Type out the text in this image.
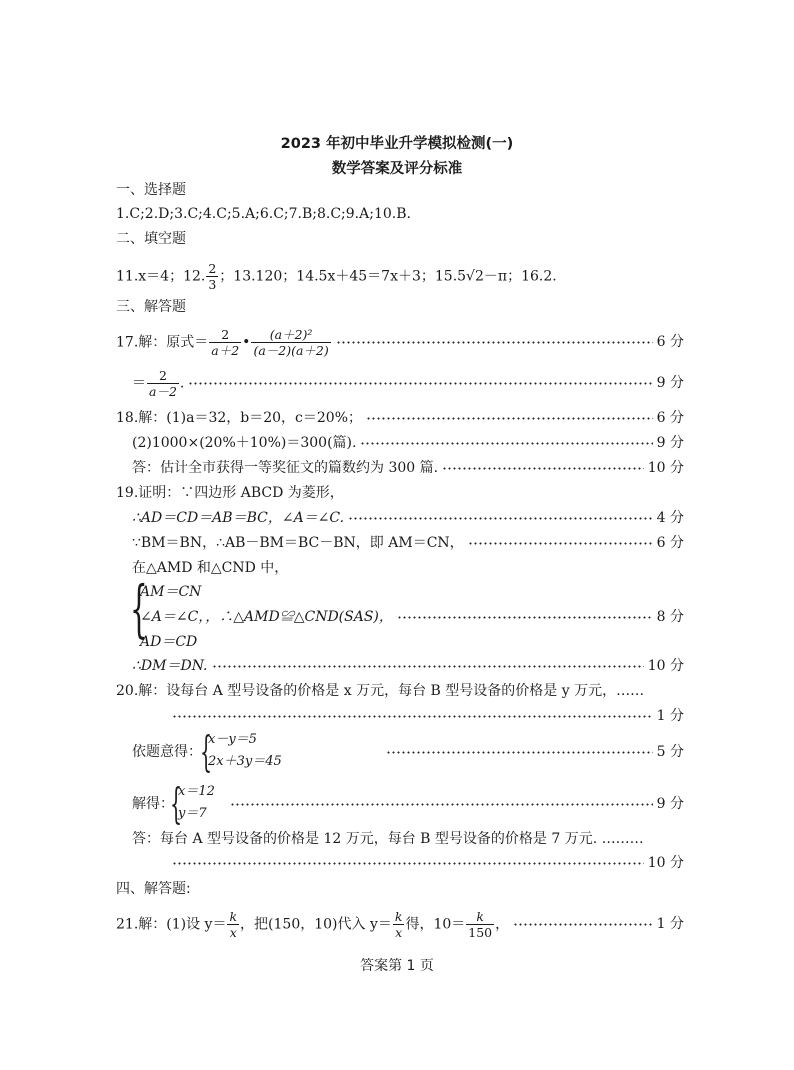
2023 年初中毕业升学模拟检测(一)
数学答案及评分标准
一、选择题
1.C;2.D;3.C;4.C;5.A;6.C;7.B;8.C;9.A;10.B.
二、填空题
11.x＝4；12. $\frac{2}{3}$ ；13.120；14.5x＋45＝7x＋3；15.5√2－π；16.2.
三、解答题
17.解：原式＝ $\frac{2}{a+2}$ • $\frac{\text{(a＋2)²}}{(a-2)(a+2)}$	6 分
＝ $\frac{2}{a-2}$ .	9 分
18.解：(1)a＝32，b＝20，c＝20%；	6 分
(2)1000×(20%＋10%)＝300(篇).	9 分
答：估计全市获得一等奖征文的篇数约为 300 篇.	10 分
19.证明：∵四边形 ABCD 为菱形，
∴AD＝CD＝AB＝BC，∠A＝∠C.	4 分
∵BM＝BN，∴AB－BM＝BC－BN，即 AM＝CN，	6 分
在△AMD 和△CND 中，
{
AM＝CN
∠A＝∠C，，∴△AMD≌△CND(SAS)，	8 分
AD＝CD
∴DM＝DN.	10 分
20.解：设每台 A 型号设备的价格是 x 万元，每台 B 型号设备的价格是 y 万元，……
1 分
依题意得：	5 分
{
x－y＝5
2x＋3y＝45
解得：	9 分
{
x＝12
y＝7
答：每台 A 型号设备的价格是 12 万元，每台 B 型号设备的价格是 7 万元. ………
10 分
四、解答题:
21.解：(1)设 $y= \frac{k}{x}$ ，把(150，10)代入 $y= \frac{k}{x}$ 得，$10= \frac{k}{150}$ ，	1 分
答案第 1 页
